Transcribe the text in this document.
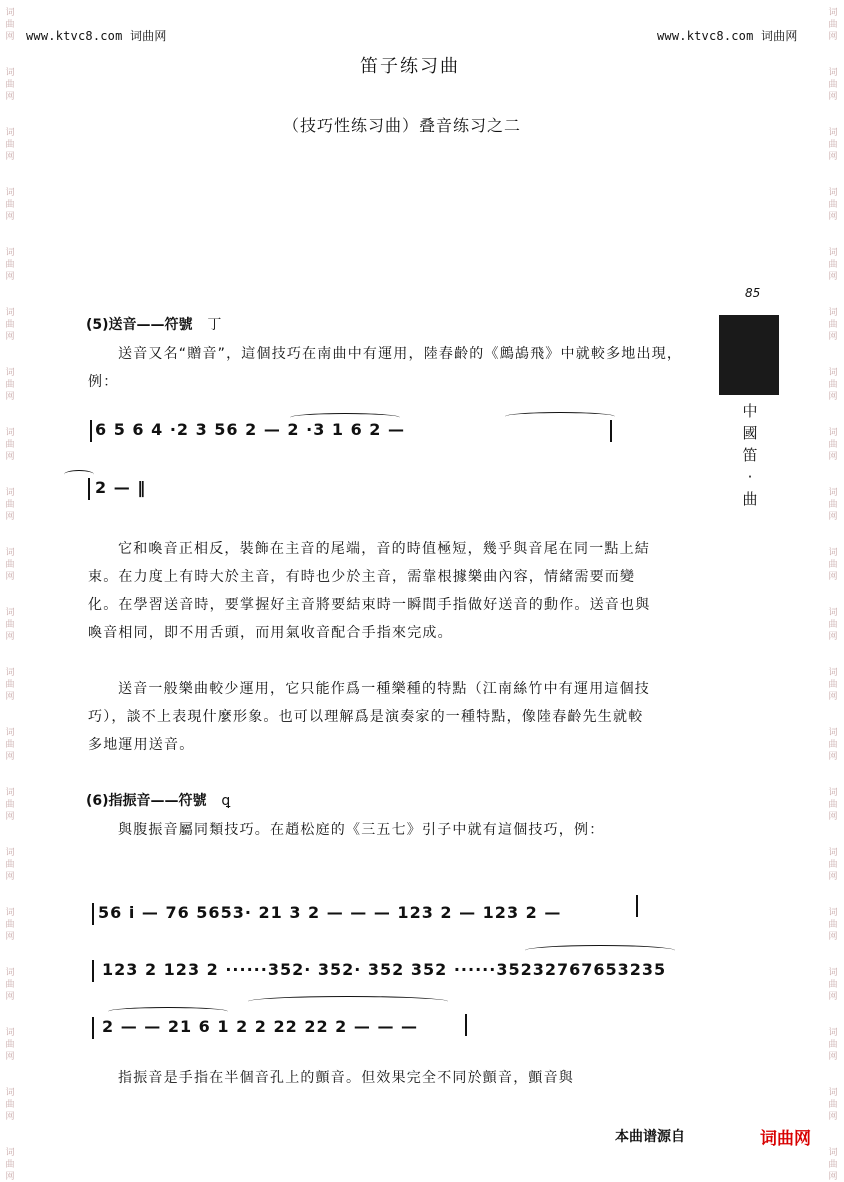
词
曲
网
词
曲
网
词
曲
网
词
曲
网
词
曲
网
词
曲
网
词
曲
网
词
曲
网
词
曲
网
词
曲
网
词
曲
网
词
曲
网
词
曲
网
词
曲
网
词
曲
网
词
曲
网
词
曲
网
词
曲
网
词
曲
网
词
曲
网
词
曲
网
词
曲
网
词
曲
网
词
曲
网
词
曲
网
词
曲
网
词
曲
网
词
曲
网
词
曲
网
词
曲
网
词
曲
网
词
曲
网
词
曲
网
词
曲
网
词
曲
网
词
曲
网
词
曲
网
词
曲
网
词
曲
网
词
曲
网
www.ktvc8.com 词曲网	www.ktvc8.com 词曲网
笛子练习曲
（技巧性练习曲）叠音练习之二
85
中
國
笛
·
曲
(5)送音——符號 丁
送音又名“贈音”，這個技巧在南曲中有運用，陸春齡的《鷓鴣飛》中就較多地出現，例：
6 5 6 4 ·2 3 56 2 — 2 ·3 1 6 2 —
2 — ‖
它和喚音正相反，裝飾在主音的尾端，音的時值極短，幾乎與音尾在同一點上結束。在力度上有時大於主音，有時也少於主音，需靠根據樂曲內容，情緒需要而變化。在學習送音時，要掌握好主音將要結束時一瞬間手指做好送音的動作。送音也與喚音相同，即不用舌頭，而用氣收音配合手指來完成。
送音一般樂曲較少運用，它只能作爲一種樂種的特點（江南絲竹中有運用這個技巧），談不上表現什麼形象。也可以理解爲是演奏家的一種特點，像陸春齡先生就較多地運用送音。
(6)指振音——符號 ꝗ
與腹振音屬同類技巧。在趙松庭的《三五七》引子中就有這個技巧，例：
56 i — 76 5653· 21 3 2 — — — 123 2 — 123 2 —
123 2 123 2 ······352· 352· 352 352 ······35232767653235
2 — — 21 6 1 2 2 22 22 2 — — —
指振音是手指在半個音孔上的顫音。但效果完全不同於顫音，顫音與
本曲谱源自	词曲网
